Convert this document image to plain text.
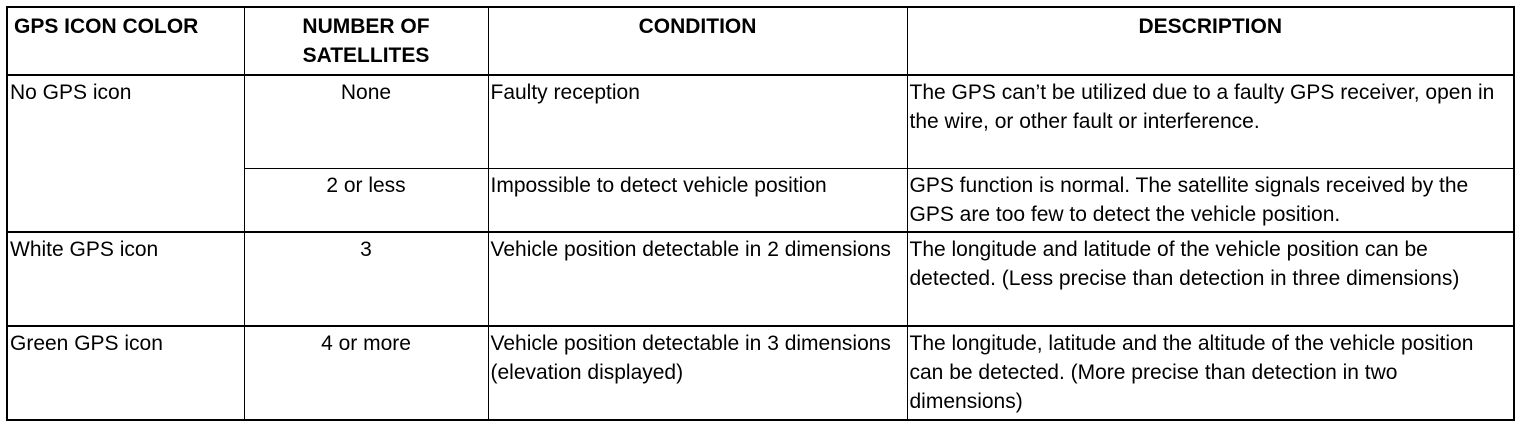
GPS ICON COLOR	NUMBER OF SATELLITES	CONDITION	DESCRIPTION
No GPS icon	None	Faulty reception	The GPS can’t be utilized due to a faulty GPS receiver, open in the wire, or other fault or interference.
	2 or less	Impossible to detect vehicle position	GPS function is normal. The satellite signals received by the GPS are too few to detect the vehicle position.
White GPS icon	3	Vehicle position detectable in 2 dimensions	The longitude and latitude of the vehicle position can be detected. (Less precise than detection in three dimensions)
Green GPS icon	4 or more	Vehicle position detectable in 3 dimensions (elevation displayed)	The longitude, latitude and the altitude of the vehicle position can be detected. (More precise than detection in two dimensions)
